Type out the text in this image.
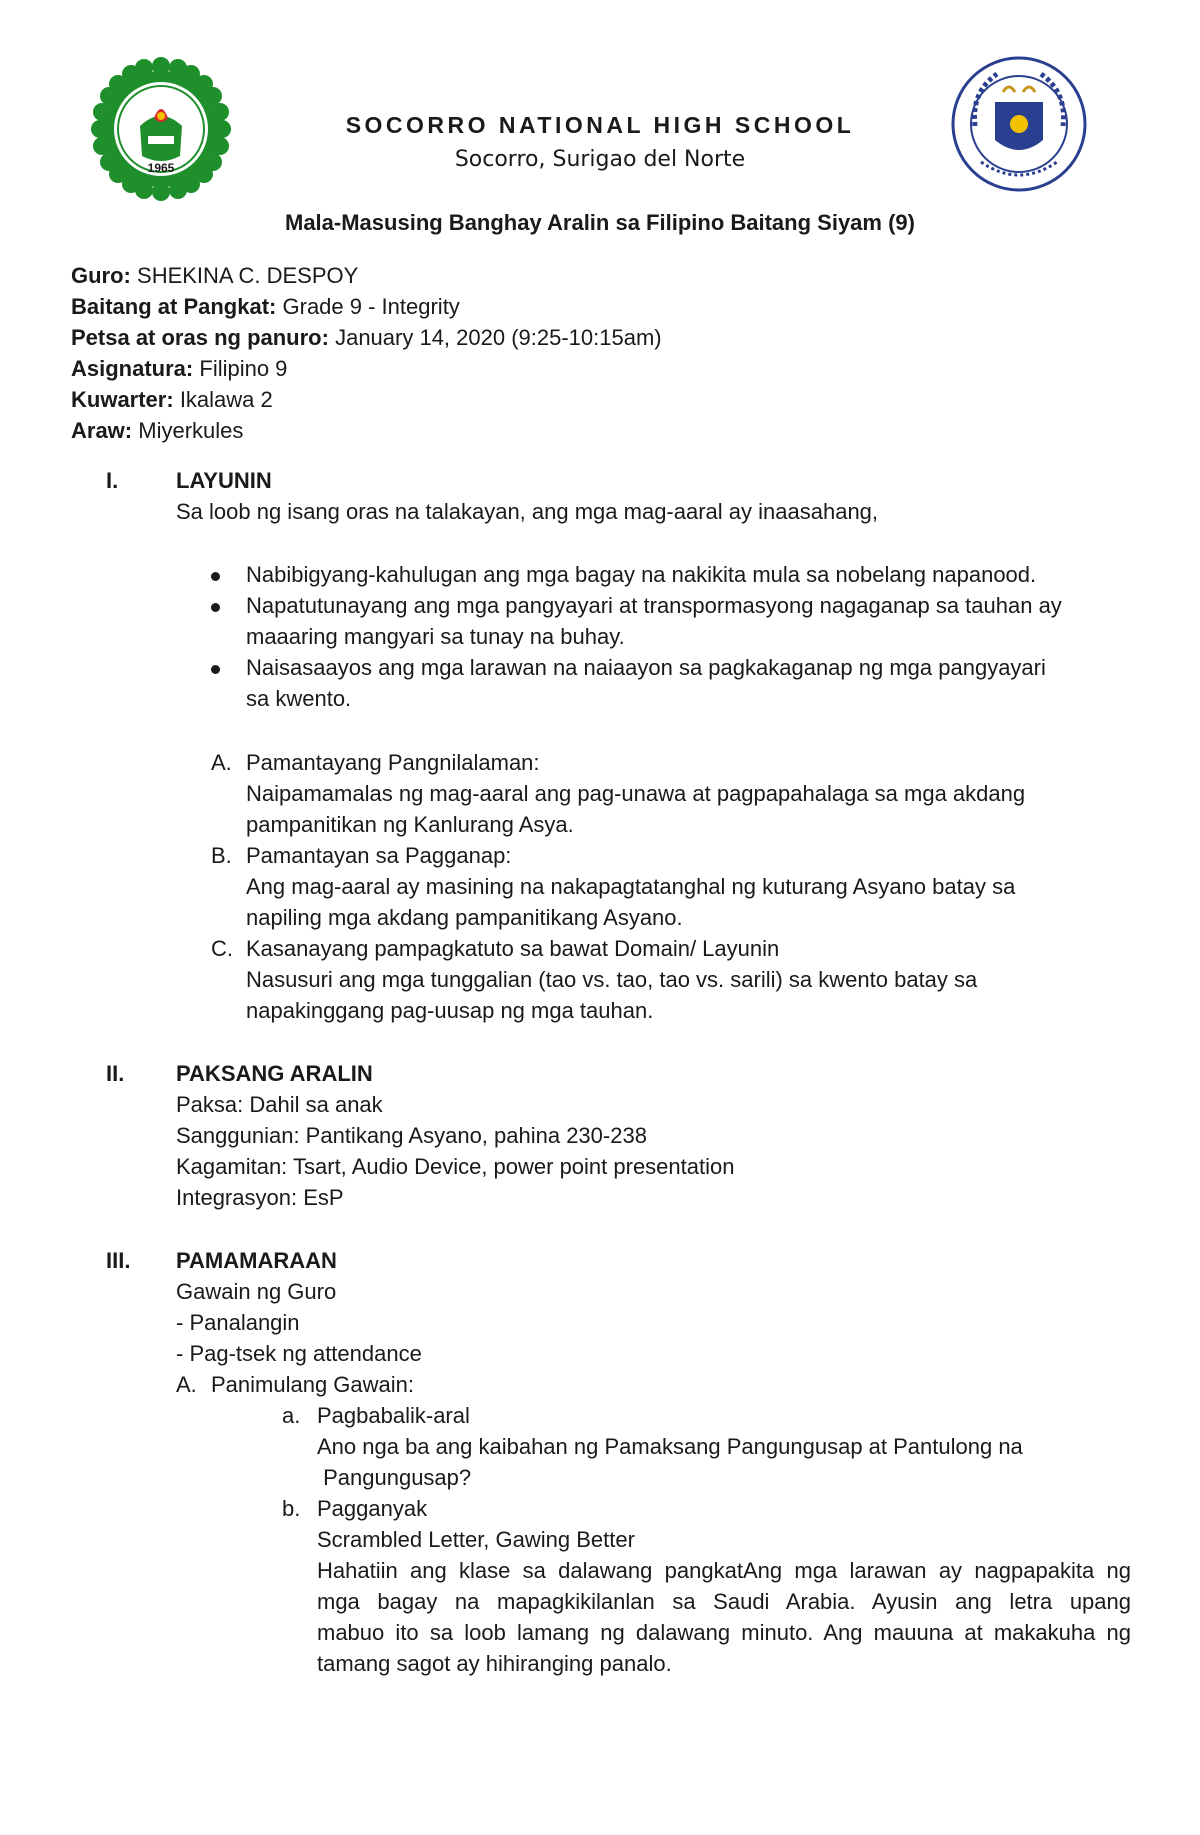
1965
SOCORRO NATIONAL HIGH SCHOOL
Socorro, Surigao del Norte
Mala-Masusing Banghay Aralin sa Filipino Baitang Siyam (9)
Guro: SHEKINA C. DESPOY
Baitang at Pangkat: Grade 9 - Integrity
Petsa at oras ng panuro: January 14, 2020 (9:25-10:15am)
Asignatura: Filipino 9
Kuwarter: Ikalawa 2
Araw: Miyerkules
I.	LAYUNIN
Sa loob ng isang oras na talakayan, ang mga mag-aaral ay inaasahang,
Nabibigyang-kahulugan ang mga bagay na nakikita mula sa nobelang napanood.
Napatutunayang ang mga pangyayari at transpormasyong nagaganap sa tauhan ay
maaaring mangyari sa tunay na buhay.
Naisasaayos ang mga larawan na naiaayon sa pagkakaganap ng mga pangyayari
sa kwento.
A. Pamantayang Pangnilalaman:
Naipamamalas ng mag-aaral ang pag-unawa at pagpapahalaga sa mga akdang
pampanitikan ng Kanlurang Asya.
B. Pamantayan sa Pagganap:
Ang mag-aaral ay masining na nakapagtatanghal ng kuturang Asyano batay sa
napiling mga akdang pampanitikang Asyano.
C. Kasanayang pampagkatuto sa bawat Domain/ Layunin
Nasusuri ang mga tunggalian (tao vs. tao, tao vs. sarili) sa kwento batay sa
napakinggang pag-uusap ng mga tauhan.
II. PAKSANG ARALIN
Paksa: Dahil sa anak
Sanggunian: Pantikang Asyano, pahina 230-238
Kagamitan: Tsart, Audio Device, power point presentation
Integrasyon: EsP
III. PAMAMARAAN
Gawain ng Guro
- Panalangin
- Pag-tsek ng attendance
A. Panimulang Gawain:
a. Pagbabalik-aral
Ano nga ba ang kaibahan ng Pamaksang Pangungusap at Pantulong na
Pangungusap?
b. Pagganyak
Scrambled Letter, Gawing Better
Hahatiin ang klase sa dalawang pangkatAng mga larawan ay nagpapakita ng
mga bagay na mapagkikilanlan sa Saudi Arabia. Ayusin ang letra upang
mabuo ito sa loob lamang ng dalawang minuto. Ang mauuna at makakuha ng
tamang sagot ay hihiranging panalo.
